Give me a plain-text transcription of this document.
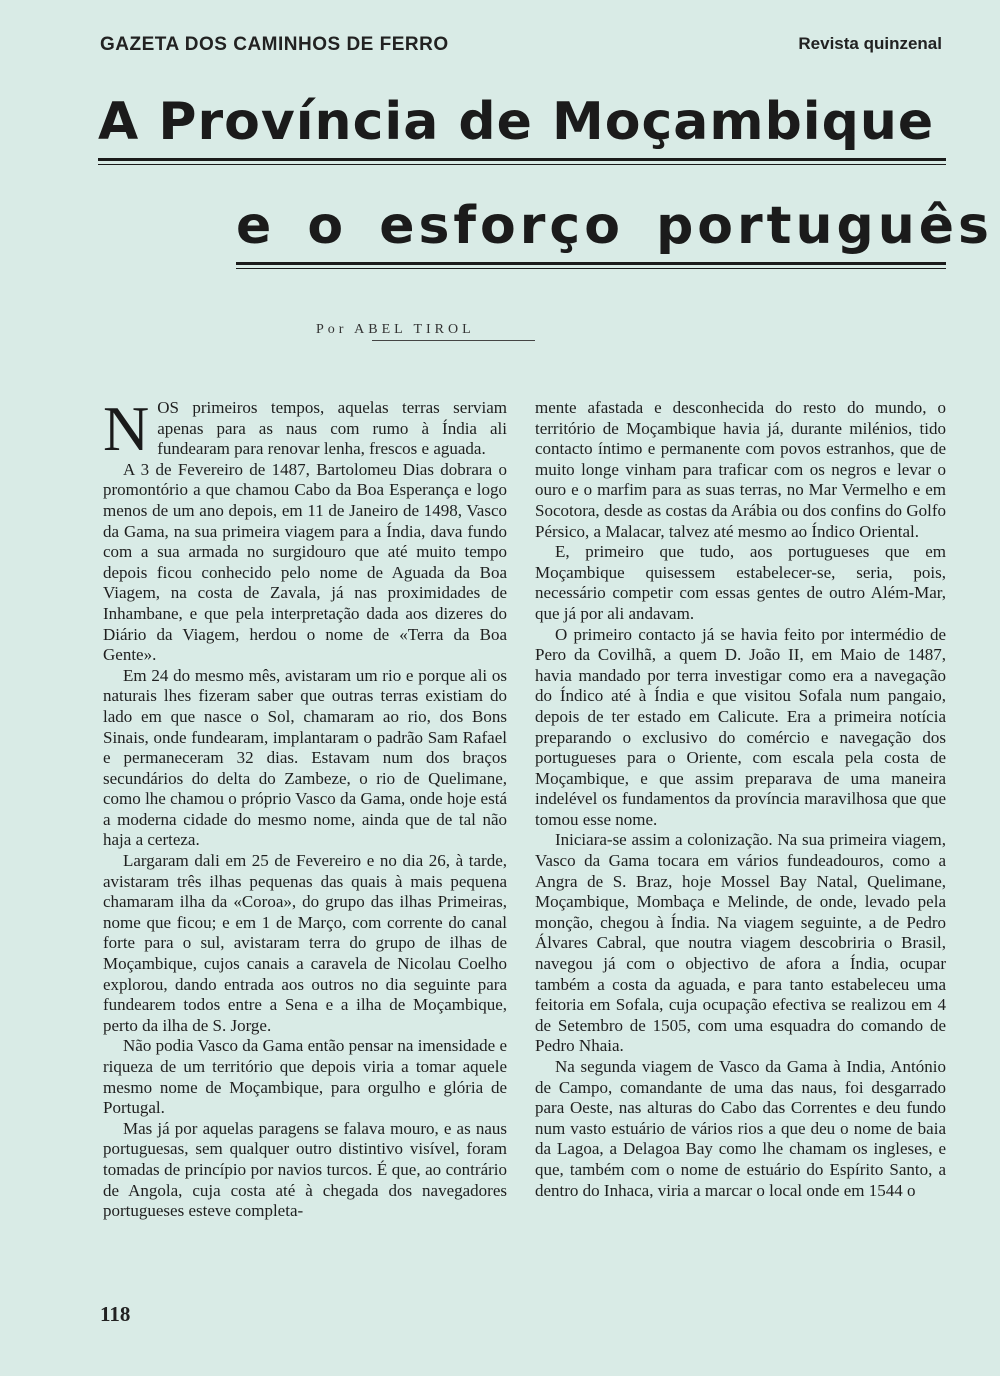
GAZETA DOS CAMINHOS DE FERRO	Revista quinzenal
A Província de Moçambique
e o esforço português
Por ABEL TIROL

NOS primeiros tempos, aquelas terras serviam apenas para as naus com rumo à Índia ali fundearam para renovar lenha, frescos e aguada.

A 3 de Fevereiro de 1487, Bartolomeu Dias dobrara o promontório a que chamou Cabo da Boa Esperança e logo menos de um ano depois, em 11 de Janeiro de 1498, Vasco da Gama, na sua primeira viagem para a Índia, dava fundo com a sua armada no surgidouro que até muito tempo depois ficou conhecido pelo nome de Aguada da Boa Viagem, na costa de Zavala, já nas proximidades de Inhambane, e que pela interpretação dada aos dizeres do Diário da Viagem, herdou o nome de «Terra da Boa Gente».

Em 24 do mesmo mês, avistaram um rio e porque ali os naturais lhes fizeram saber que outras terras existiam do lado em que nasce o Sol, chamaram ao rio, dos Bons Sinais, onde fundearam, implantaram o padrão Sam Rafael e permaneceram 32 dias. Estavam num dos braços secundários do delta do Zambeze, o rio de Quelimane, como lhe chamou o próprio Vasco da Gama, onde hoje está a moderna cidade do mesmo nome, ainda que de tal não haja a certeza.

Largaram dali em 25 de Fevereiro e no dia 26, à tarde, avistaram três ilhas pequenas das quais à mais pequena chamaram ilha da «Coroa», do grupo das ilhas Primeiras, nome que ficou; e em 1 de Março, com corrente do canal forte para o sul, avistaram terra do grupo de ilhas de Moçambique, cujos canais a caravela de Nicolau Coelho explorou, dando entrada aos outros no dia seguinte para fundearem todos entre a Sena e a ilha de Moçambique, perto da ilha de S. Jorge.

Não podia Vasco da Gama então pensar na imensidade e riqueza de um território que depois viria a tomar aquele mesmo nome de Moçambique, para orgulho e glória de Portugal.

Mas já por aquelas paragens se falava mouro, e as naus portuguesas, sem qualquer outro distintivo visível, foram tomadas de princípio por navios turcos. É que, ao contrário de Angola, cuja costa até à chegada dos navegadores portugueses esteve completa-

mente afastada e desconhecida do resto do mundo, o território de Moçambique havia já, durante milénios, tido contacto íntimo e permanente com povos estranhos, que de muito longe vinham para traficar com os negros e levar o ouro e o marfim para as suas terras, no Mar Vermelho e em Socotora, desde as costas da Arábia ou dos confins do Golfo Pérsico, a Malacar, talvez até mesmo ao Índico Oriental.

E, primeiro que tudo, aos portugueses que em Moçambique quisessem estabelecer-se, seria, pois, necessário competir com essas gentes de outro Além-Mar, que já por ali andavam.

O primeiro contacto já se havia feito por intermédio de Pero da Covilhã, a quem D. João II, em Maio de 1487, havia mandado por terra investigar como era a navegação do Índico até à Índia e que visitou Sofala num pangaio, depois de ter estado em Calicute. Era a primeira notícia preparando o exclusivo do comércio e navegação dos portugueses para o Oriente, com escala pela costa de Moçambique, e que assim preparava de uma maneira indelével os fundamentos da província maravilhosa que que tomou esse nome.

Iniciara-se assim a colonização. Na sua primeira viagem, Vasco da Gama tocara em vários fundeadouros, como a Angra de S. Braz, hoje Mossel Bay Natal, Quelimane, Moçambique, Mombaça e Melinde, de onde, levado pela monção, chegou à Índia. Na viagem seguinte, a de Pedro Álvares Cabral, que noutra viagem descobriria o Brasil, navegou já com o objectivo de afora a Índia, ocupar também a costa da aguada, e para tanto estabeleceu uma feitoria em Sofala, cuja ocupação efectiva se realizou em 4 de Setembro de 1505, com uma esquadra do comando de Pedro Nhaia.

Na segunda viagem de Vasco da Gama à India, António de Campo, comandante de uma das naus, foi desgarrado para Oeste, nas alturas do Cabo das Correntes e deu fundo num vasto estuário de vários rios a que deu o nome de baia da Lagoa, a Delagoa Bay como lhe chamam os ingleses, e que, também com o nome de estuário do Espírito Santo, a dentro do Inhaca, viria a marcar o local onde em 1544 o

118
